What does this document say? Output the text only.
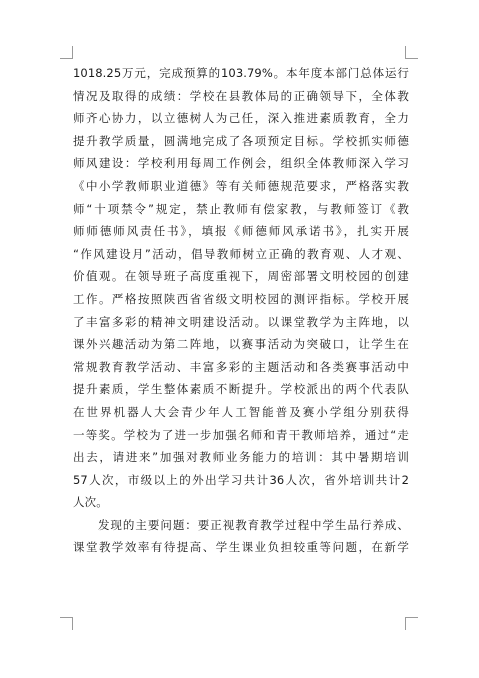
1018.25万元，完成预算的103.79%。本年度本部门总体运行
情况及取得的成绩：学校在县教体局的正确领导下，全体教
师齐心协力，以立德树人为己任，深入推进素质教育，全力
提升教学质量，圆满地完成了各项预定目标。学校抓实师德
师风建设：学校利用每周工作例会，组织全体教师深入学习
《中小学教师职业道德》等有关师德规范要求，严格落实教
师“十项禁令”规定，禁止教师有偿家教，与教师签订《教
师师德师风责任书》，填报《师德师风承诺书》，扎实开展
“作风建设月”活动，倡导教师树立正确的教育观、人才观、
价值观。在领导班子高度重视下，周密部署文明校园的创建
工作。严格按照陕西省省级文明校园的测评指标。学校开展
了丰富多彩的精神文明建设活动。以课堂教学为主阵地，以
课外兴趣活动为第二阵地，以赛事活动为突破口，让学生在
常规教育教学活动、丰富多彩的主题活动和各类赛事活动中
提升素质，学生整体素质不断提升。学校派出的两个代表队
在世界机器人大会青少年人工智能普及赛小学组分别获得
一等奖。学校为了进一步加强名师和青干教师培养，通过“走
出去，请进来”加强对教师业务能力的培训：其中暑期培训
57人次，市级以上的外出学习共计36人次，省外培训共计2
人次。
　　发现的主要问题：要正视教育教学过程中学生品行养成、
课堂教学效率有待提高、学生课业负担较重等问题，在新学
